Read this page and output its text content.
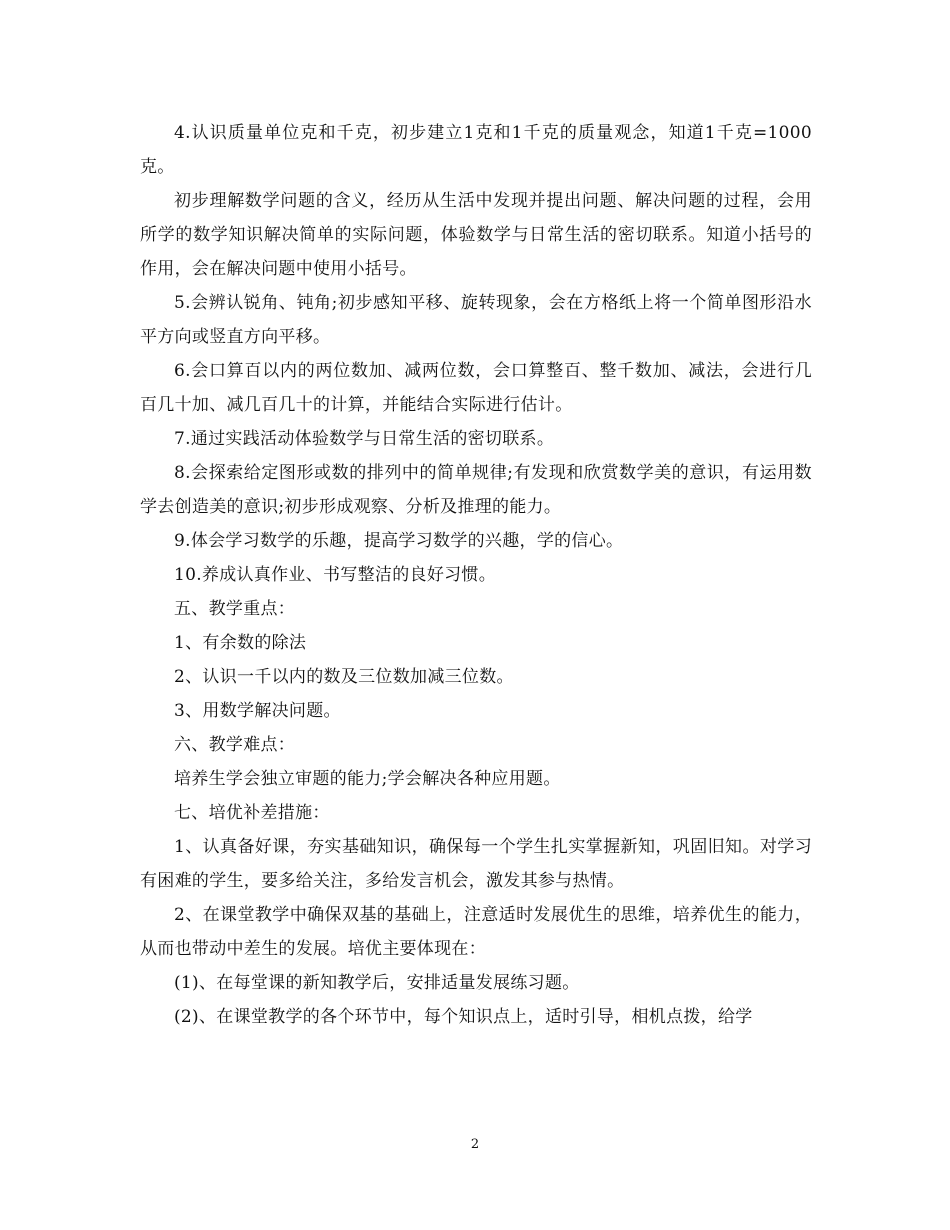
4.认识质量单位克和千克，初步建立1克和1千克的质量观念，知道1千克=1000克。

初步理解数学问题的含义，经历从生活中发现并提出问题、解决问题的过程，会用所学的数学知识解决简单的实际问题，体验数学与日常生活的密切联系。知道小括号的作用，会在解决问题中使用小括号。

5.会辨认锐角、钝角;初步感知平移、旋转现象，会在方格纸上将一个简单图形沿水平方向或竖直方向平移。

6.会口算百以内的两位数加、减两位数，会口算整百、整千数加、减法，会进行几百几十加、减几百几十的计算，并能结合实际进行估计。

7.通过实践活动体验数学与日常生活的密切联系。

8.会探索给定图形或数的排列中的简单规律;有发现和欣赏数学美的意识，有运用数学去创造美的意识;初步形成观察、分析及推理的能力。

9.体会学习数学的乐趣，提高学习数学的兴趣，学的信心。

10.养成认真作业、书写整洁的良好习惯。

五、教学重点：

1、有余数的除法

2、认识一千以内的数及三位数加减三位数。

3、用数学解决问题。

六、教学难点：

培养生学会独立审题的能力;学会解决各种应用题。

七、培优补差措施：

1、认真备好课，夯实基础知识，确保每一个学生扎实掌握新知，巩固旧知。对学习有困难的学生，要多给关注，多给发言机会，激发其参与热情。

2、在课堂教学中确保双基的基础上，注意适时发展优生的思维，培养优生的能力，从而也带动中差生的发展。培优主要体现在：

(1)、在每堂课的新知教学后，安排适量发展练习题。

(2)、在课堂教学的各个环节中，每个知识点上，适时引导，相机点拨，给学

2
